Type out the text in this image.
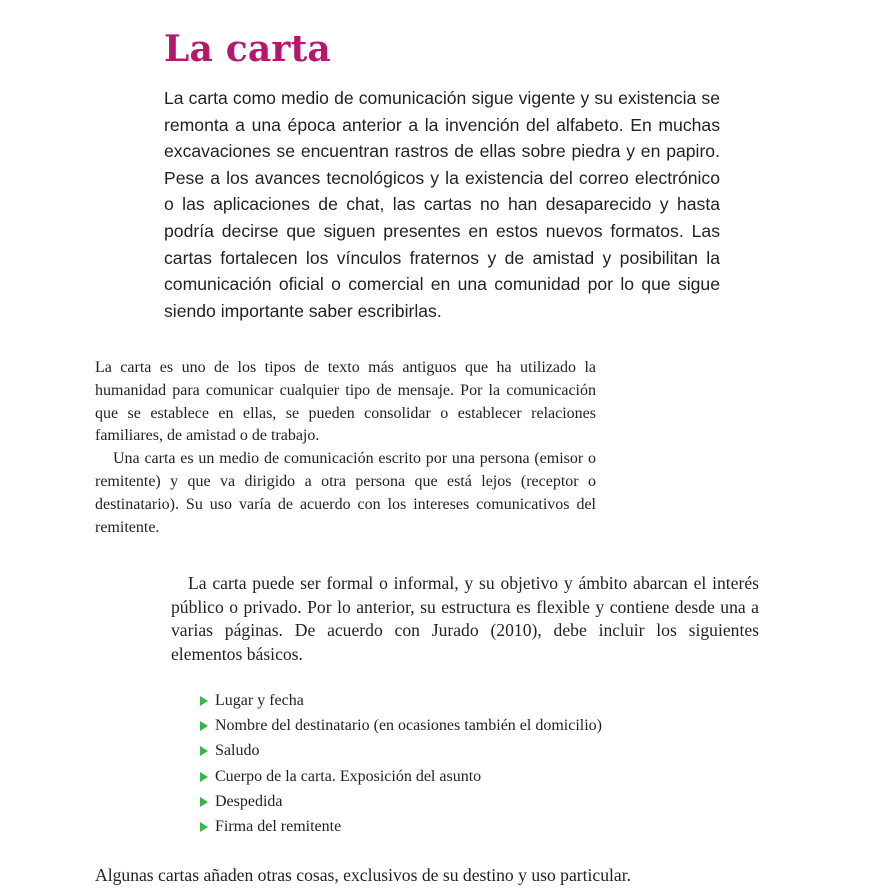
La carta

La carta como medio de comunicación sigue vigente y su existencia se remonta a una época anterior a la invención del alfabeto. En muchas excavaciones se encuentran rastros de ellas sobre piedra y en papiro. Pese a los avances tecnológicos y la existencia del correo electrónico o las aplicaciones de chat, las cartas no han desaparecido y hasta podría decirse que siguen presentes en estos nuevos formatos. Las cartas fortalecen los vínculos fraternos y de amistad y posibilitan la comunicación oficial o comercial en una comunidad por lo que sigue siendo importante saber escribirlas.

La carta es uno de los tipos de texto más antiguos que ha utilizado la humanidad para comunicar cualquier tipo de mensaje. Por la comunicación que se establece en ellas, se pueden consolidar o establecer relaciones familiares, de amistad o de trabajo.

Una carta es un medio de comunicación escrito por una persona (emisor o remitente) y que va dirigido a otra persona que está lejos (receptor o destinatario). Su uso varía de acuerdo con los intereses comunicativos del remitente.

La carta puede ser formal o informal, y su objetivo y ámbito abarcan el interés público o privado. Por lo anterior, su estructura es flexible y contiene desde una a varias páginas. De acuerdo con Jurado (2010), debe incluir los siguientes elementos básicos.

Lugar y fecha
Nombre del destinatario (en ocasiones también el domicilio)
Saludo
Cuerpo de la carta. Exposición del asunto
Despedida
Firma del remitente

Algunas cartas añaden otras cosas, exclusivos de su destino y uso particular.
